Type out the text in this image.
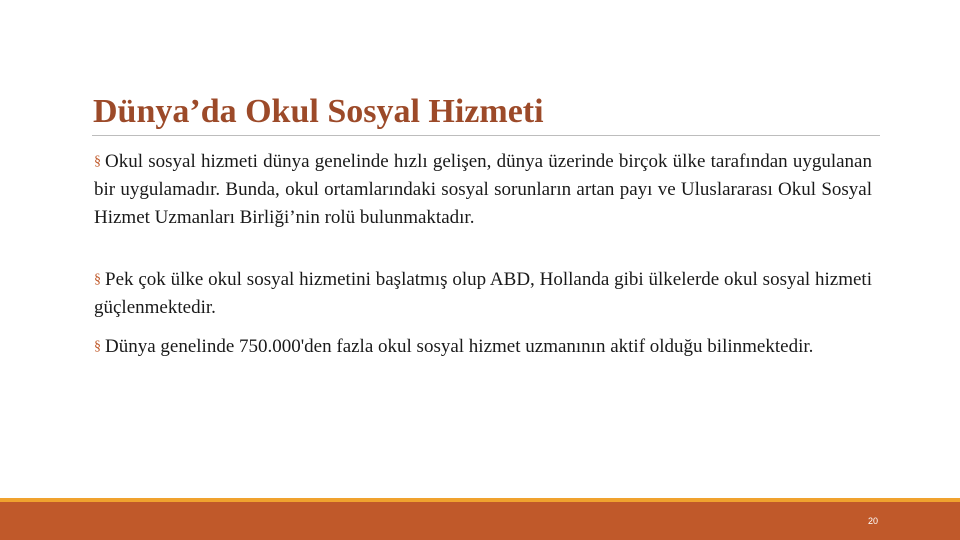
Dünya’da Okul Sosyal Hizmeti

§ Okul sosyal hizmeti dünya genelinde hızlı gelişen, dünya üzerinde birçok ülke tarafından uygulanan bir uygulamadır. Bunda, okul ortamlarındaki sosyal sorunların artan payı ve Uluslararası Okul Sosyal Hizmet Uzmanları Birliği’nin rolü bulunmaktadır.

§ Pek çok ülke okul sosyal hizmetini başlatmış olup ABD, Hollanda gibi ülkelerde okul sosyal hizmeti güçlenmektedir.

§ Dünya genelinde 750.000'den fazla okul sosyal hizmet uzmanının aktif olduğu bilinmektedir.

20
